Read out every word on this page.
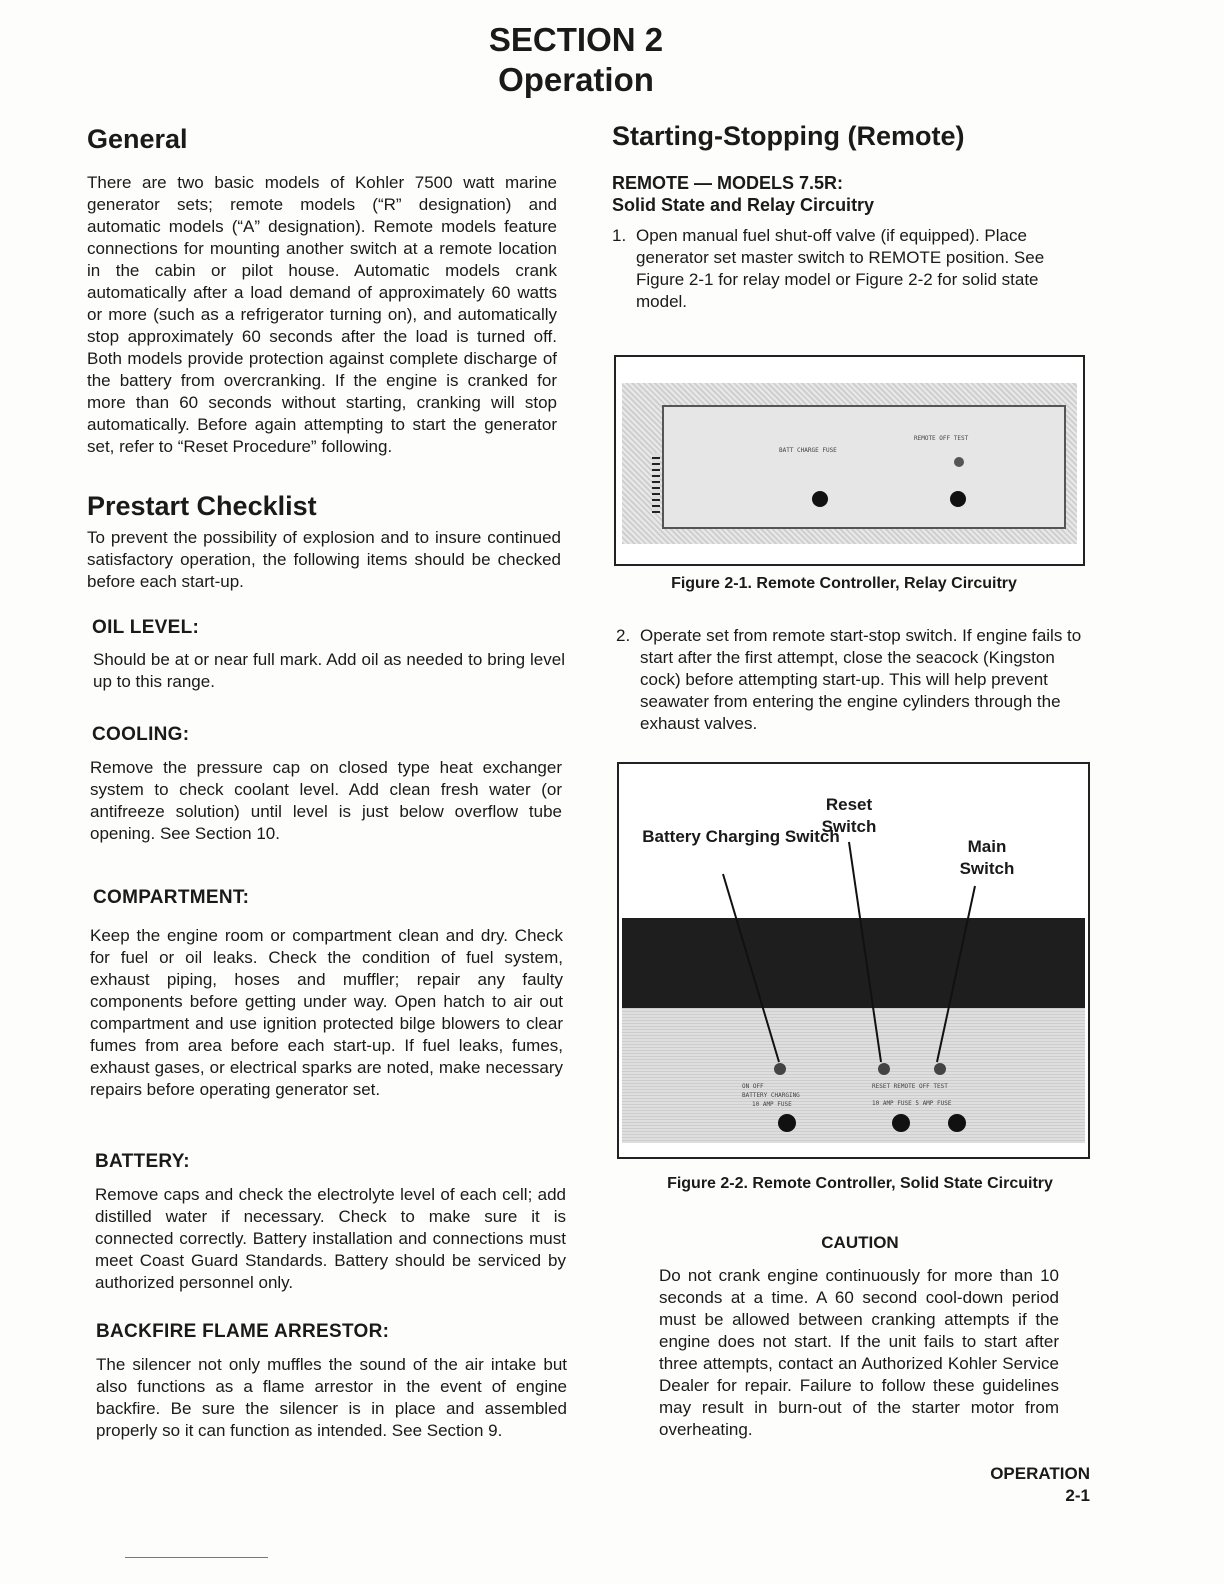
SECTION 2
Operation
General

There are two basic models of Kohler 7500 watt marine generator sets; remote models (“R” designation) and automatic models (“A” designation). Remote models feature connections for mounting another switch at a remote location in the cabin or pilot house. Automatic models crank automatically after a load demand of approximately 60 watts or more (such as a refrigerator turning on), and automatically stop approximately 60 seconds after the load is turned off. Both models provide protection against complete discharge of the battery from overcranking. If the engine is cranked for more than 60 seconds without starting, cranking will stop automatically. Before again attempting to start the generator set, refer to “Reset Procedure” following.

Prestart Checklist

To prevent the possibility of explosion and to insure continued satisfactory operation, the following items should be checked before each start-up.

OIL LEVEL:

Should be at or near full mark. Add oil as needed to bring level up to this range.

COOLING:

Remove the pressure cap on closed type heat exchanger system to check coolant level. Add clean fresh water (or antifreeze solution) until level is just below overflow tube opening. See Section 10.

COMPARTMENT:

Keep the engine room or compartment clean and dry. Check for fuel or oil leaks. Check the condition of fuel system, exhaust piping, hoses and muffler; repair any faulty components before getting under way. Open hatch to air out compartment and use ignition protected bilge blowers to clear fumes from area before each start-up. If fuel leaks, fumes, exhaust gases, or electrical sparks are noted, make necessary repairs before operating generator set.

BATTERY:

Remove caps and check the electrolyte level of each cell; add distilled water if necessary. Check to make sure it is connected correctly. Battery installation and connections must meet Coast Guard Standards. Battery should be serviced by authorized personnel only.

BACKFIRE FLAME ARRESTOR:

The silencer not only muffles the sound of the air intake but also functions as a flame arrestor in the event of engine backfire. Be sure the silencer is in place and assembled properly so it can function as intended. See Section 9.

Starting-Stopping (Remote)
REMOTE — MODELS 7.5R:
Solid State and Relay Circuitry
1. Open manual fuel shut-off valve (if equipped). Place generator set master switch to REMOTE position. See Figure 2-1 for relay model or Figure 2-2 for solid state model.
BATT CHARGE FUSE
REMOTE OFF TEST
Figure 2-1. Remote Controller, Relay Circuitry
2. Operate set from remote start-stop switch. If engine fails to start after the first attempt, close the seacock (Kingston cock) before attempting start-up. This will help prevent seawater from entering the engine cylinders through the exhaust valves.
Battery Charging Switch
Reset Switch
Main Switch
ON OFF
BATTERY CHARGING
10 AMP FUSE
RESET REMOTE OFF TEST
10 AMP FUSE 5 AMP FUSE
Figure 2-2. Remote Controller, Solid State Circuitry
CAUTION

Do not crank engine continuously for more than 10 seconds at a time. A 60 second cool-down period must be allowed between cranking attempts if the engine does not start. If the unit fails to start after three attempts, contact an Authorized Kohler Service Dealer for repair. Failure to follow these guidelines may result in burn-out of the starter motor from overheating.

OPERATION
2-1
